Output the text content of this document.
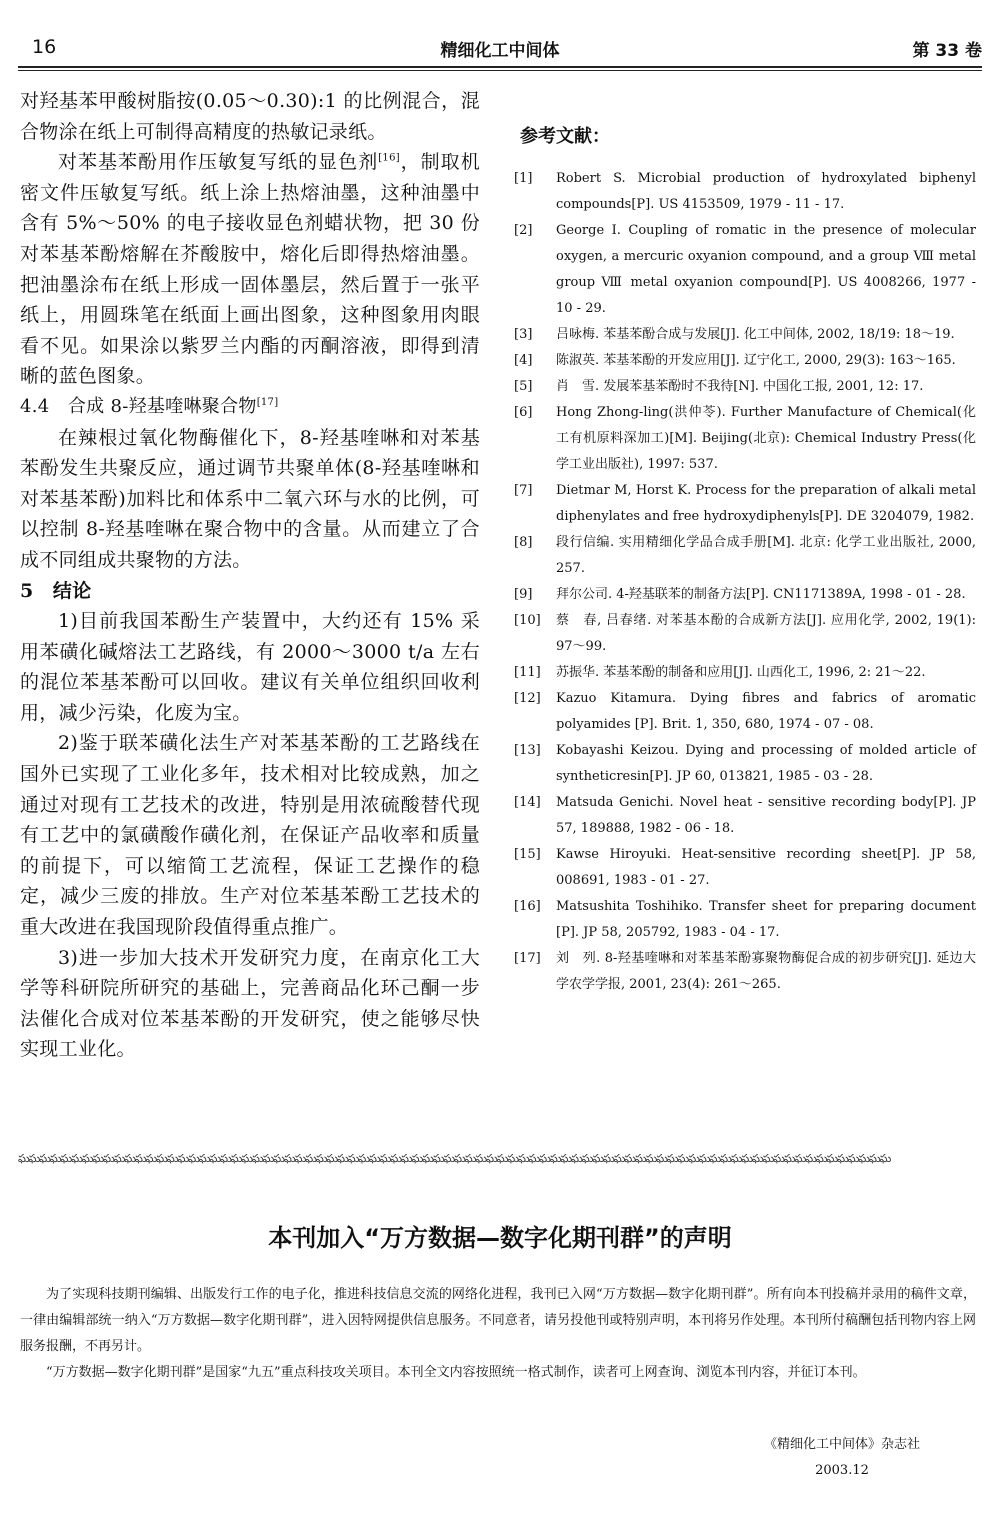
16	精细化工中间体	第 33 卷

对羟基苯甲酸树脂按(0.05～0.30):1 的比例混合，混合物涂在纸上可制得高精度的热敏记录纸。

对苯基苯酚用作压敏复写纸的显色剂[16]，制取机密文件压敏复写纸。纸上涂上热熔油墨，这种油墨中含有 5%～50% 的电子接收显色剂蜡状物，把 30 份对苯基苯酚熔解在芥酸胺中，熔化后即得热熔油墨。把油墨涂布在纸上形成一固体墨层，然后置于一张平纸上，用圆珠笔在纸面上画出图象，这种图象用肉眼看不见。如果涂以紫罗兰内酯的丙酮溶液，即得到清晰的蓝色图象。

4.4　合成 8-羟基喹啉聚合物[17]

在辣根过氧化物酶催化下，8-羟基喹啉和对苯基苯酚发生共聚反应，通过调节共聚单体(8-羟基喹啉和对苯基苯酚)加料比和体系中二氧六环与水的比例，可以控制 8-羟基喹啉在聚合物中的含量。从而建立了合成不同组成共聚物的方法。

5　结论

1)目前我国苯酚生产装置中，大约还有 15% 采用苯磺化碱熔法工艺路线，有 2000～3000 t/a 左右的混位苯基苯酚可以回收。建议有关单位组织回收利用，减少污染，化废为宝。

2)鉴于联苯磺化法生产对苯基苯酚的工艺路线在国外已实现了工业化多年，技术相对比较成熟，加之通过对现有工艺技术的改进，特别是用浓硫酸替代现有工艺中的氯磺酸作磺化剂，在保证产品收率和质量的前提下，可以缩简工艺流程，保证工艺操作的稳定，减少三废的排放。生产对位苯基苯酚工艺技术的重大改进在我国现阶段值得重点推广。

3)进一步加大技术开发研究力度，在南京化工大学等科研院所研究的基础上，完善商品化环己酮一步法催化合成对位苯基苯酚的开发研究，使之能够尽快实现工业化。

参考文献：
[1]	Robert S. Microbial production of hydroxylated biphenyl compounds[P]. US 4153509, 1979 - 11 - 17.
[2]	George I. Coupling of romatic in the presence of molecular oxygen, a mercuric oxyanion compound, and a group Ⅷ metal group Ⅷ metal oxyanion compound[P]. US 4008266, 1977 - 10 - 29.
[3]	吕咏梅. 苯基苯酚合成与发展[J]. 化工中间体, 2002, 18/19: 18～19.
[4]	陈淑英. 苯基苯酚的开发应用[J]. 辽宁化工, 2000, 29(3): 163～165.
[5]	肖　雪. 发展苯基苯酚时不我待[N]. 中国化工报, 2001, 12: 17.
[6]	Hong Zhong-ling(洪仲苓). Further Manufacture of Chemical(化工有机原料深加工)[M]. Beijing(北京): Chemical Industry Press(化学工业出版社), 1997: 537.
[7]	Dietmar M, Horst K. Process for the preparation of alkali metal diphenylates and free hydroxydiphenyls[P]. DE 3204079, 1982.
[8]	段行信编. 实用精细化学品合成手册[M]. 北京: 化学工业出版社, 2000, 257.
[9]	拜尔公司. 4-羟基联苯的制备方法[P]. CN1171389A, 1998 - 01 - 28.
[10]	蔡　春, 吕春绪. 对苯基本酚的合成新方法[J]. 应用化学, 2002, 19(1): 97～99.
[11]	苏振华. 苯基苯酚的制备和应用[J]. 山西化工, 1996, 2: 21～22.
[12]	Kazuo Kitamura. Dying fibres and fabrics of aromatic polyamides [P]. Brit. 1, 350, 680, 1974 - 07 - 08.
[13]	Kobayashi Keizou. Dying and processing of molded article of syntheticresin[P]. JP 60, 013821, 1985 - 03 - 28.
[14]	Matsuda Genichi. Novel heat - sensitive recording body[P]. JP 57, 189888, 1982 - 06 - 18.
[15]	Kawse Hiroyuki. Heat-sensitive recording sheet[P]. JP 58, 008691, 1983 - 01 - 27.
[16]	Matsushita Toshihiko. Transfer sheet for preparing document [P]. JP 58, 205792, 1983 - 04 - 17.
[17]	刘　列. 8-羟基喹啉和对苯基苯酚寡聚物酶促合成的初步研究[J]. 延边大学农学学报, 2001, 23(4): 261～265.
ఘఘఘఘఘఘఘఘఘఘఘఘఘఘఘఘఘఘఘఘఘఘఘఘఘఘఘఘఘఘఘఘఘఘఘఘఘఘఘఘఘఘఘఘఘఘఘఘఘఘఘఘఘఘఘఘఘఘఘఘఘఘఘఘఘఘఘఘఘఘఘఘఘఘఘఘఘఘఘఘఘఘ
本刊加入“万方数据—数字化期刊群”的声明

为了实现科技期刊编辑、出版发行工作的电子化，推进科技信息交流的网络化进程，我刊已入网“万方数据—数字化期刊群”。所有向本刊投稿并录用的稿件文章，一律由编辑部统一纳入“万方数据—数字化期刊群”，进入因特网提供信息服务。不同意者，请另投他刊或特别声明，本刊将另作处理。本刊所付稿酬包括刊物内容上网服务报酬，不再另计。

“万方数据—数字化期刊群”是国家“九五”重点科技攻关项目。本刊全文内容按照统一格式制作，读者可上网查询、浏览本刊内容，并征订本刊。

《精细化工中间体》杂志社
2003.12
